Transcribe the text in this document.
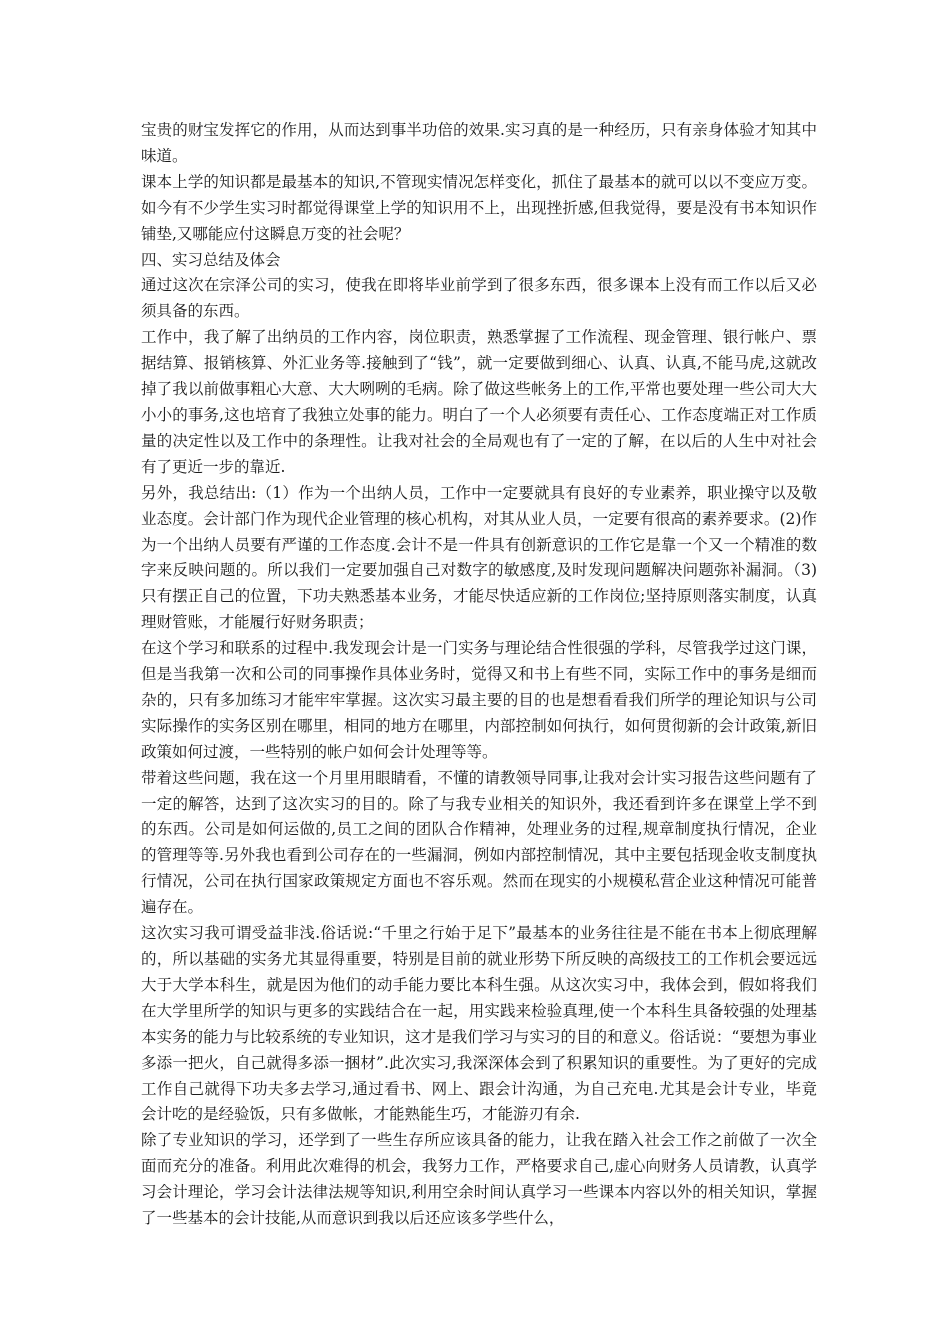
宝贵的财宝发挥它的作用，从而达到事半功倍的效果.实习真的是一种经历，只有亲身体验才知其中味道。

课本上学的知识都是最基本的知识,不管现实情况怎样变化，抓住了最基本的就可以以不变应万变。如今有不少学生实习时都觉得课堂上学的知识用不上，出现挫折感,但我觉得，要是没有书本知识作铺垫,又哪能应付这瞬息万变的社会呢？

四、实习总结及体会

通过这次在宗泽公司的实习，使我在即将毕业前学到了很多东西，很多课本上没有而工作以后又必须具备的东西。

工作中，我了解了出纳员的工作内容，岗位职责，熟悉掌握了工作流程、现金管理、银行帐户、票据结算、报销核算、外汇业务等.接触到了“钱”，就一定要做到细心、认真、认真,不能马虎,这就改掉了我以前做事粗心大意、大大咧咧的毛病。除了做这些帐务上的工作,平常也要处理一些公司大大小小的事务,这也培育了我独立处事的能力。明白了一个人必须要有责任心、工作态度端正对工作质量的决定性以及工作中的条理性。让我对社会的全局观也有了一定的了解，在以后的人生中对社会有了更近一步的靠近.

另外，我总结出:（1）作为一个出纳人员，工作中一定要就具有良好的专业素养，职业操守以及敬业态度。会计部门作为现代企业管理的核心机构，对其从业人员，一定要有很高的素养要求。(2)作为一个出纳人员要有严谨的工作态度.会计不是一件具有创新意识的工作它是靠一个又一个精准的数字来反映问题的。所以我们一定要加强自己对数字的敏感度,及时发现问题解决问题弥补漏洞。（3)只有摆正自己的位置，下功夫熟悉基本业务，才能尽快适应新的工作岗位;坚持原则落实制度，认真理财管账，才能履行好财务职责；

在这个学习和联系的过程中.我发现会计是一门实务与理论结合性很强的学科，尽管我学过这门课，但是当我第一次和公司的同事操作具体业务时，觉得又和书上有些不同，实际工作中的事务是细而杂的，只有多加练习才能牢牢掌握。这次实习最主要的目的也是想看看我们所学的理论知识与公司实际操作的实务区别在哪里，相同的地方在哪里，内部控制如何执行，如何贯彻新的会计政策,新旧政策如何过渡，一些特别的帐户如何会计处理等等。

带着这些问题，我在这一个月里用眼睛看，不懂的请教领导同事,让我对会计实习报告这些问题有了一定的解答，达到了这次实习的目的。除了与我专业相关的知识外，我还看到许多在课堂上学不到的东西。公司是如何运做的,员工之间的团队合作精神，处理业务的过程,规章制度执行情况，企业的管理等等.另外我也看到公司存在的一些漏洞，例如内部控制情况，其中主要包括现金收支制度执行情况，公司在执行国家政策规定方面也不容乐观。然而在现实的小规模私营企业这种情况可能普遍存在。

这次实习我可谓受益非浅.俗话说:“千里之行始于足下”最基本的业务往往是不能在书本上彻底理解的，所以基础的实务尤其显得重要，特别是目前的就业形势下所反映的高级技工的工作机会要远远大于大学本科生，就是因为他们的动手能力要比本科生强。从这次实习中，我体会到，假如将我们在大学里所学的知识与更多的实践结合在一起，用实践来检验真理,使一个本科生具备较强的处理基本实务的能力与比较系统的专业知识，这才是我们学习与实习的目的和意义。俗话说：“要想为事业多添一把火，自己就得多添一捆材”.此次实习,我深深体会到了积累知识的重要性。为了更好的完成工作自己就得下功夫多去学习,通过看书、网上、跟会计沟通，为自己充电.尤其是会计专业，毕竟会计吃的是经验饭，只有多做帐，才能熟能生巧，才能游刃有余.

除了专业知识的学习，还学到了一些生存所应该具备的能力，让我在踏入社会工作之前做了一次全面而充分的准备。利用此次难得的机会，我努力工作，严格要求自己,虚心向财务人员请教，认真学习会计理论，学习会计法律法规等知识,利用空余时间认真学习一些课本内容以外的相关知识，掌握了一些基本的会计技能,从而意识到我以后还应该多学些什么，
